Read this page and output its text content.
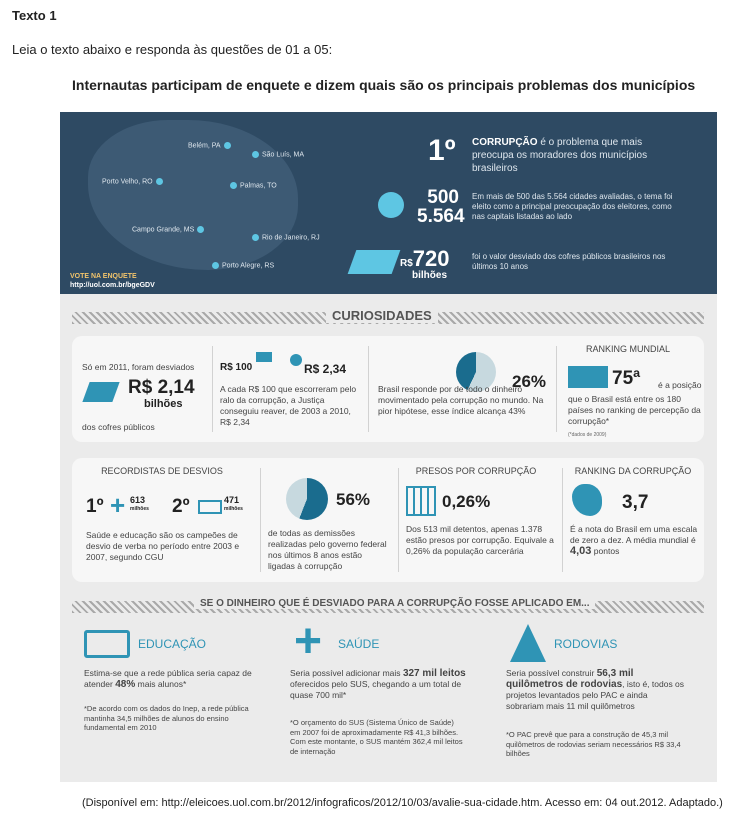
Texto 1
Leia o texto abaixo e responda às questões de 01 a 05:
Internautas participam de enquete e dizem quais são os principais problemas dos municípios
Belém, PA
São Luís, MA
Porto Velho, RO
Palmas, TO
Campo Grande, MS
Rio de Janeiro, RJ
Porto Alegre, RS
VOTE NA ENQUETE
http://uol.com.br/bgeGDV
1º CORRUPÇÃO é o problema que mais preocupa os moradores dos municípios brasileiros
500
5.564
Em mais de 500 das 5.564 cidades avaliadas, o tema foi eleito como a principal preocupação dos eleitores, como nas capitais listadas ao lado
R$720
bilhões
foi o valor desviado dos cofres públicos brasileiros nos últimos 10 anos
CURIOSIDADES
Só em 2011, foram desviados
R$ 2,14
bilhões
dos cofres públicos
R$ 100	R$ 2,34
A cada R$ 100 que escorreram pelo ralo da corrupção, a Justiça conseguiu reaver, de 2003 a 2010, R$ 2,34
26%
Brasil responde por de todo o dinheiro movimentado pela corrupção no mundo. Na pior hipótese, esse índice alcança 43%
RANKING MUNDIAL
75ª é a posição
que o Brasil está entre os 180 países no ranking de percepção da corrupção*
(*dados de 2009)
RECORDISTAS DE DESVIOS
1º + 613
milhões 2º	471
milhões
Saúde e educação são os campeões de desvio de verba no período entre 2003 e 2007, segundo CGU
56%
de todas as demissões realizadas pelo governo federal nos últimos 8 anos estão ligadas à corrupção
PRESOS POR CORRUPÇÃO
0,26%
Dos 513 mil detentos, apenas 1.378 estão presos por corrupção. Equivale a 0,26% da população carcerária
RANKING DA CORRUPÇÃO
3,7
É a nota do Brasil em uma escala de zero a dez. A média mundial é 4,03 pontos
SE O DINHEIRO QUE É DESVIADO PARA A CORRUPÇÃO FOSSE APLICADO EM...
EDUCAÇÃO
Estima-se que a rede pública seria capaz de atender 48% mais alunos*
*De acordo com os dados do Inep, a rede pública mantinha 34,5 milhões de alunos do ensino fundamental em 2010
+ SAÚDE
Seria possível adicionar mais 327 mil leitos oferecidos pelo SUS, chegando a um total de quase 700 mil*
*O orçamento do SUS (Sistema Único de Saúde) em 2007 foi de aproximadamente R$ 41,3 bilhões. Com este montante, o SUS mantém 362,4 mil leitos de internação
RODOVIAS
Seria possível construir 56,3 mil quilômetros de rodovias, isto é, todos os projetos levantados pelo PAC e ainda sobrariam mais 11 mil quilômetros
*O PAC prevê que para a construção de 45,3 mil quilômetros de rodovias seriam necessários R$ 33,4 bilhões
(Disponível em: http://eleicoes.uol.com.br/2012/infograficos/2012/10/03/avalie-sua-cidade.htm. Acesso em: 04 out.2012. Adaptado.)
